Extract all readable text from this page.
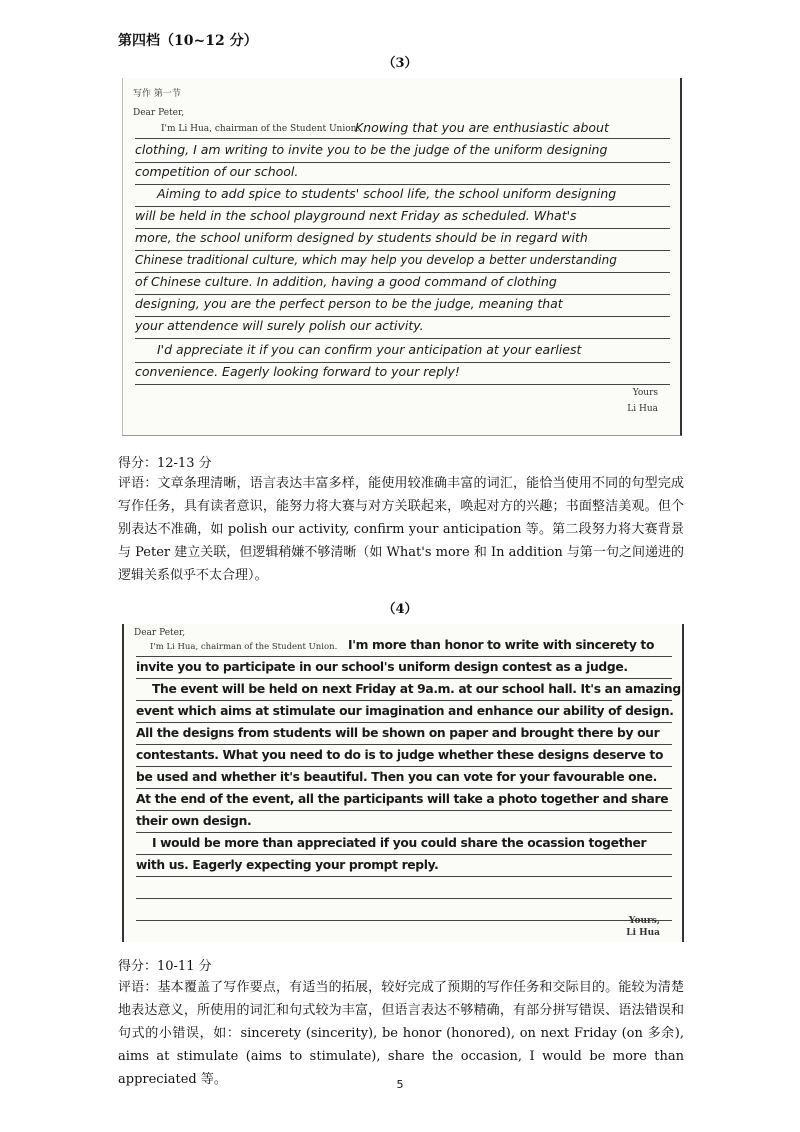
第四档（10~12 分）
（3）
写作 第一节
Dear Peter,
I'm Li Hua, chairman of the Student Union.
Knowing that you are enthusiastic about
clothing, I am writing to invite you to be the judge of the uniform designing
competition of our school.
Aiming to add spice to students' school life, the school uniform designing
will be held in the school playground next Friday as scheduled. What's
more, the school uniform designed by students should be in regard with
Chinese traditional culture, which may help you develop a better understanding
of Chinese culture. In addition, having a good command of clothing
designing, you are the perfect person to be the judge, meaning that
your attendence will surely polish our activity.
I'd appreciate it if you can confirm your anticipation at your earliest
convenience. Eagerly looking forward to your reply!
Yours
Li Hua
得分：12-13 分
评语：文章条理清晰，语言表达丰富多样，能使用较准确丰富的词汇，能恰当使用不同的句型完成写作任务，具有读者意识，能努力将大赛与对方关联起来，唤起对方的兴趣；书面整洁美观。但个别表达不准确，如 polish our activity, confirm your anticipation 等。第二段努力将大赛背景与 Peter 建立关联，但逻辑稍嫌不够清晰（如 What's more 和 In addition 与第一句之间递进的逻辑关系似乎不太合理）。
（4）
Dear Peter,
I'm Li Hua, chairman of the Student Union. I'm more than honor to write with sincerety to
invite you to participate in our school's uniform design contest as a judge.
The event will be held on next Friday at 9a.m. at our school hall. It's an amazing
event which aims at stimulate our imagination and enhance our ability of design.
All the designs from students will be shown on paper and brought there by our
contestants. What you need to do is to judge whether these designs deserve to
be used and whether it's beautiful. Then you can vote for your favourable one.
At the end of the event, all the participants will take a photo together and share
their own design.
I would be more than appreciated if you could share the ocassion together
with us. Eagerly expecting your prompt reply.
Yours,
Li Hua
得分：10-11 分
评语：基本覆盖了写作要点，有适当的拓展，较好完成了预期的写作任务和交际目的。能较为清楚地表达意义，所使用的词汇和句式较为丰富，但语言表达不够精确，有部分拼写错误、语法错误和句式的小错误，如：sincerety (sincerity), be honor (honored), on next Friday (on 多余), aims at stimulate (aims to stimulate), share the occasion, I would be more than appreciated 等。	5
